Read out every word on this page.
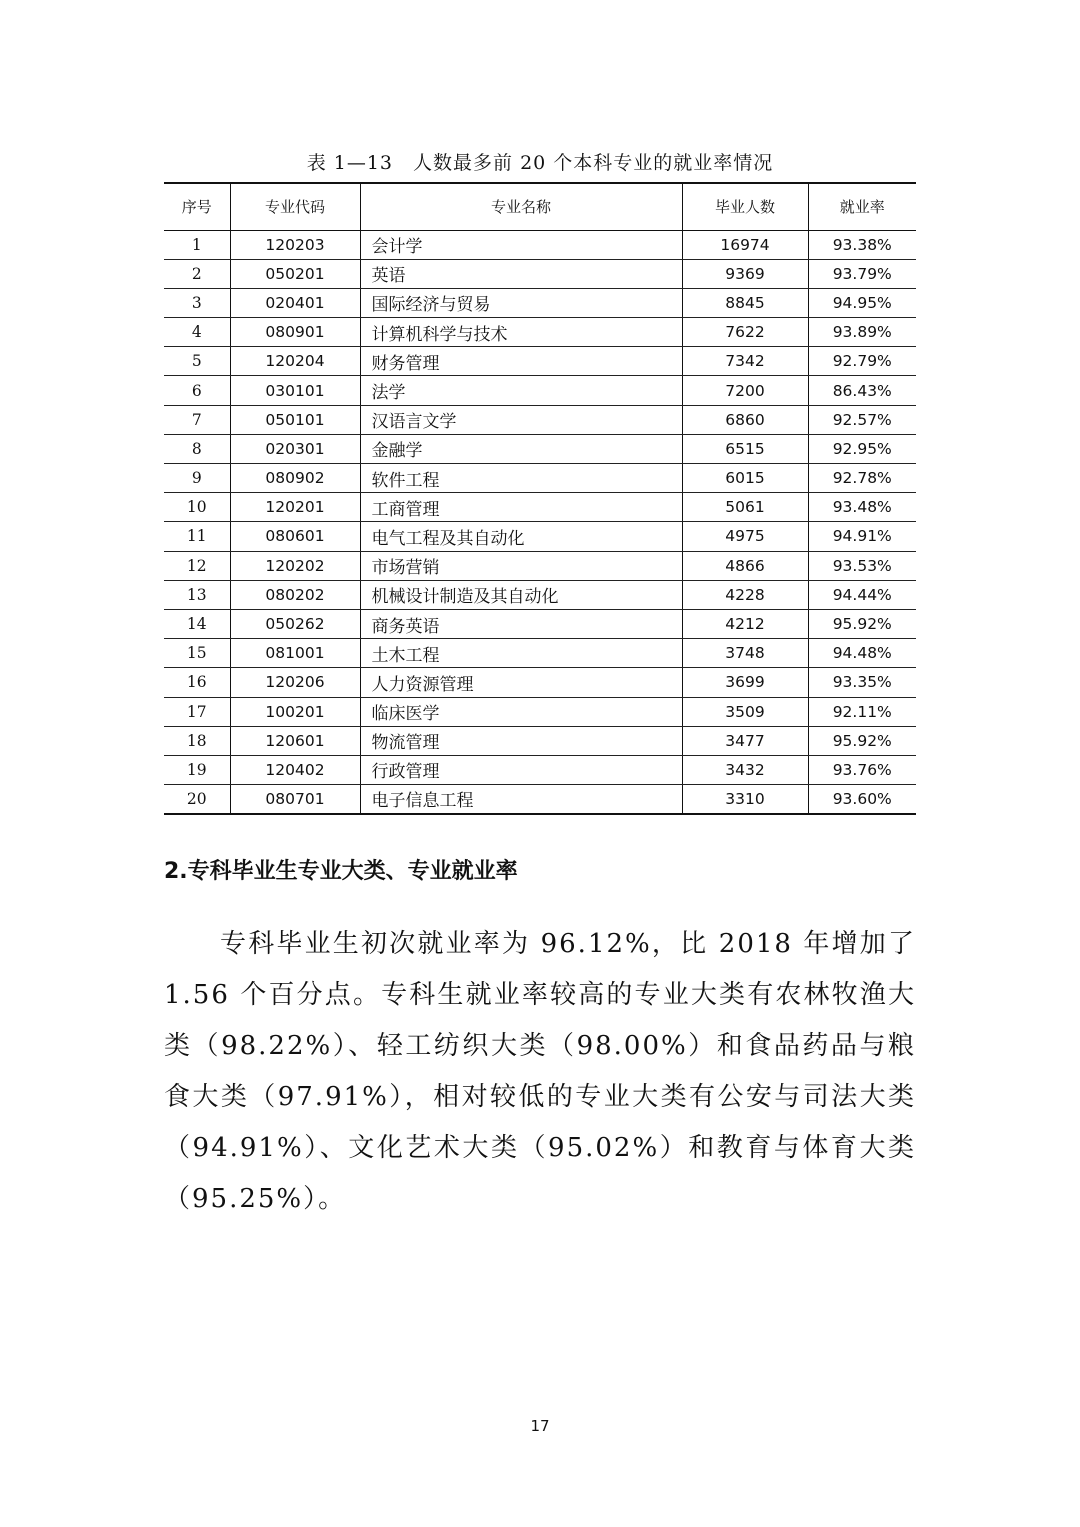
表 1—13　人数最多前 20 个本科专业的就业率情况
序号	专业代码	专业名称	毕业人数	就业率
1	120203	会计学	16974	93.38%
2	050201	英语	9369	93.79%
3	020401	国际经济与贸易	8845	94.95%
4	080901	计算机科学与技术	7622	93.89%
5	120204	财务管理	7342	92.79%
6	030101	法学	7200	86.43%
7	050101	汉语言文学	6860	92.57%
8	020301	金融学	6515	92.95%
9	080902	软件工程	6015	92.78%
10	120201	工商管理	5061	93.48%
11	080601	电气工程及其自动化	4975	94.91%
12	120202	市场营销	4866	93.53%
13	080202	机械设计制造及其自动化	4228	94.44%
14	050262	商务英语	4212	95.92%
15	081001	土木工程	3748	94.48%
16	120206	人力资源管理	3699	93.35%
17	100201	临床医学	3509	92.11%
18	120601	物流管理	3477	95.92%
19	120402	行政管理	3432	93.76%
20	080701	电子信息工程	3310	93.60%
2.专科毕业生专业大类、专业就业率

专科毕业生初次就业率为 96.12%，比 2018 年增加了 1.56 个百分点。专科生就业率较高的专业大类有农林牧渔大类（98.22%）、轻工纺织大类（98.00%）和食品药品与粮食大类（97.91%），相对较低的专业大类有公安与司法大类（94.91%）、文化艺术大类（95.02%）和教育与体育大类（95.25%）。

17
